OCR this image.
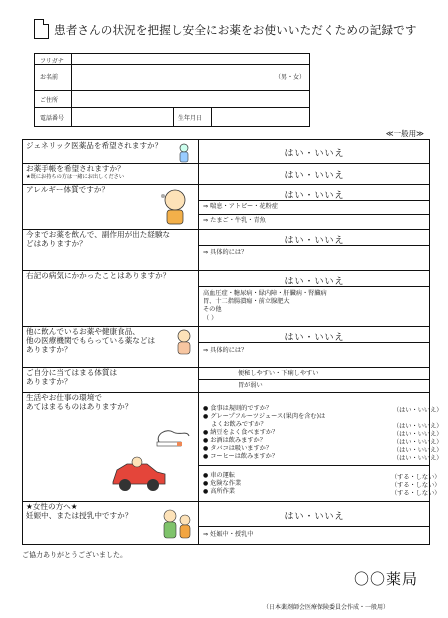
患者さんの状況を把握し安全にお薬をお使いいただくための記録です
フリガナ
お名前	（男・女）
ご住所
電話番号	生年月日
≪一般用≫
ジェネリック医薬品を希望されますか？
はい・いいえ
お薬手帳を希望されますか？
★既にお持ちの方は一緒にお出しください	はい・いいえ
アレルギー体質ですか？
はい・いいえ
⇒ 喘息・アトピー・花粉症
⇒ たまご・牛乳・青魚
今までお薬を飲んで、副作用が出た経験な
どはありますか？	はい・いいえ
⇒ 具体的には？
右記の病気にかかったことはありますか？
はい・いいえ
高血圧症・糖尿病・緑内障・肝臓病・腎臓病
胃、十二指腸潰瘍・前立腺肥大
その他
（ ）
他に飲んでいるお薬や健康食品、
他の医療機関でもらっている薬などは
ありますか？
はい・いいえ
⇒ 具体的には？
ご自分に当てはまる体質は
ありますか？
便秘しやすい・下痢しやすい
胃が弱い
生活やお仕事の環境で
あてはまるものはありますか？	● 食事は規則的ですか？	（はい・いいえ）
● グレープフルーツジュース(果肉を含む)は
よくお飲みですか？	（はい・いいえ）
● 納豆をよく食べますか？	（はい・いいえ）
● お酒は飲みますか？	（はい・いいえ）
● タバコは吸いますか？	（はい・いいえ）
● コーヒーは飲みますか？	（はい・いいえ）
● 車の運転	（する・しない）
● 危険な作業	（する・しない）
● 高所作業	（する・しない）
★女性の方へ★
妊娠中、または授乳中ですか？	はい・いいえ
⇒ 妊娠中・授乳中
ご協力ありがとうございました。
〇〇薬局
（日本薬剤師会医療保険委員会作成・一般用）
